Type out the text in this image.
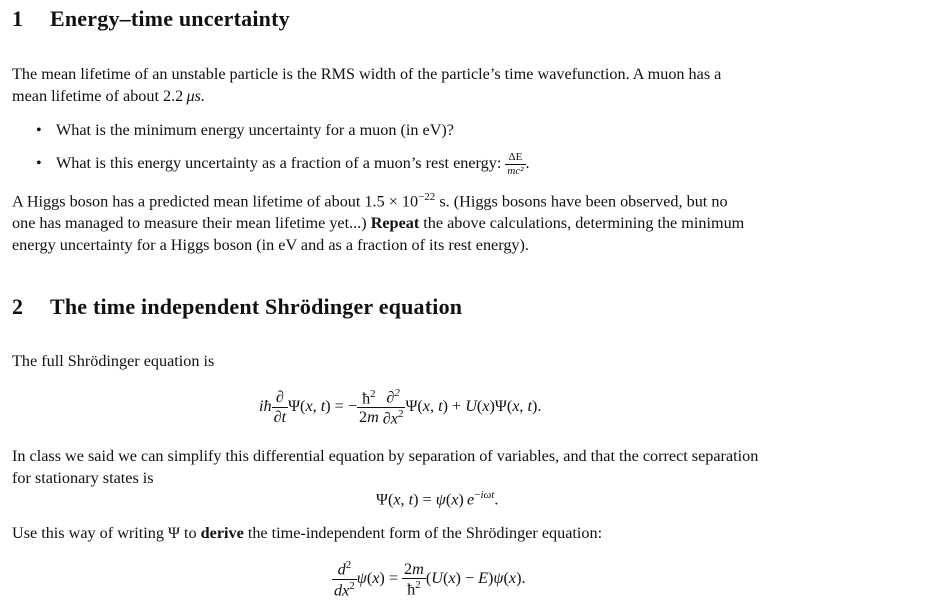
1 Energy–time uncertainty
The mean lifetime of an unstable particle is the RMS width of the particle’s time wavefunction. A muon has a
mean lifetime of about 2.2  μs.
• What is the minimum energy uncertainty for a muon (in eV)?
• What is this energy uncertainty as a fraction of a muon’s rest energy: $\frac{\Delta E}{\text{mc²}}$ .
A Higgs boson has a predicted mean lifetime of about $1.5 \times 10^{-22}$ s. (Higgs bosons have been observed, but no
one has managed to measure their mean lifetime yet...) Repeat the above calculations, determining the minimum
energy uncertainty for a Higgs boson (in eV and as a fraction of its rest energy).
2 The time independent Shrödinger equation
The full Shrödinger equation is
iħ $\frac{\partial}{\partial t} \Psi(x$, t) = − $\frac{ħ^2}{2m} \frac{\partial^2}{\partial x^2} \Psi(x$, t) + U(x)Ψ(x, t).
In class we said we can simplify this differential equation by separation of variables, and that the correct separation
for stationary states is
Ψ(x, t) = ψ(x) $e^{-i\omega t}$.
Use this way of writing Ψ to derive the time-independent form of the Shrödinger equation:
$\frac{d^2}{dx^2} \psi(x) = \frac{2m}{ħ^2} (U(x) - E)\psi(x)$.
